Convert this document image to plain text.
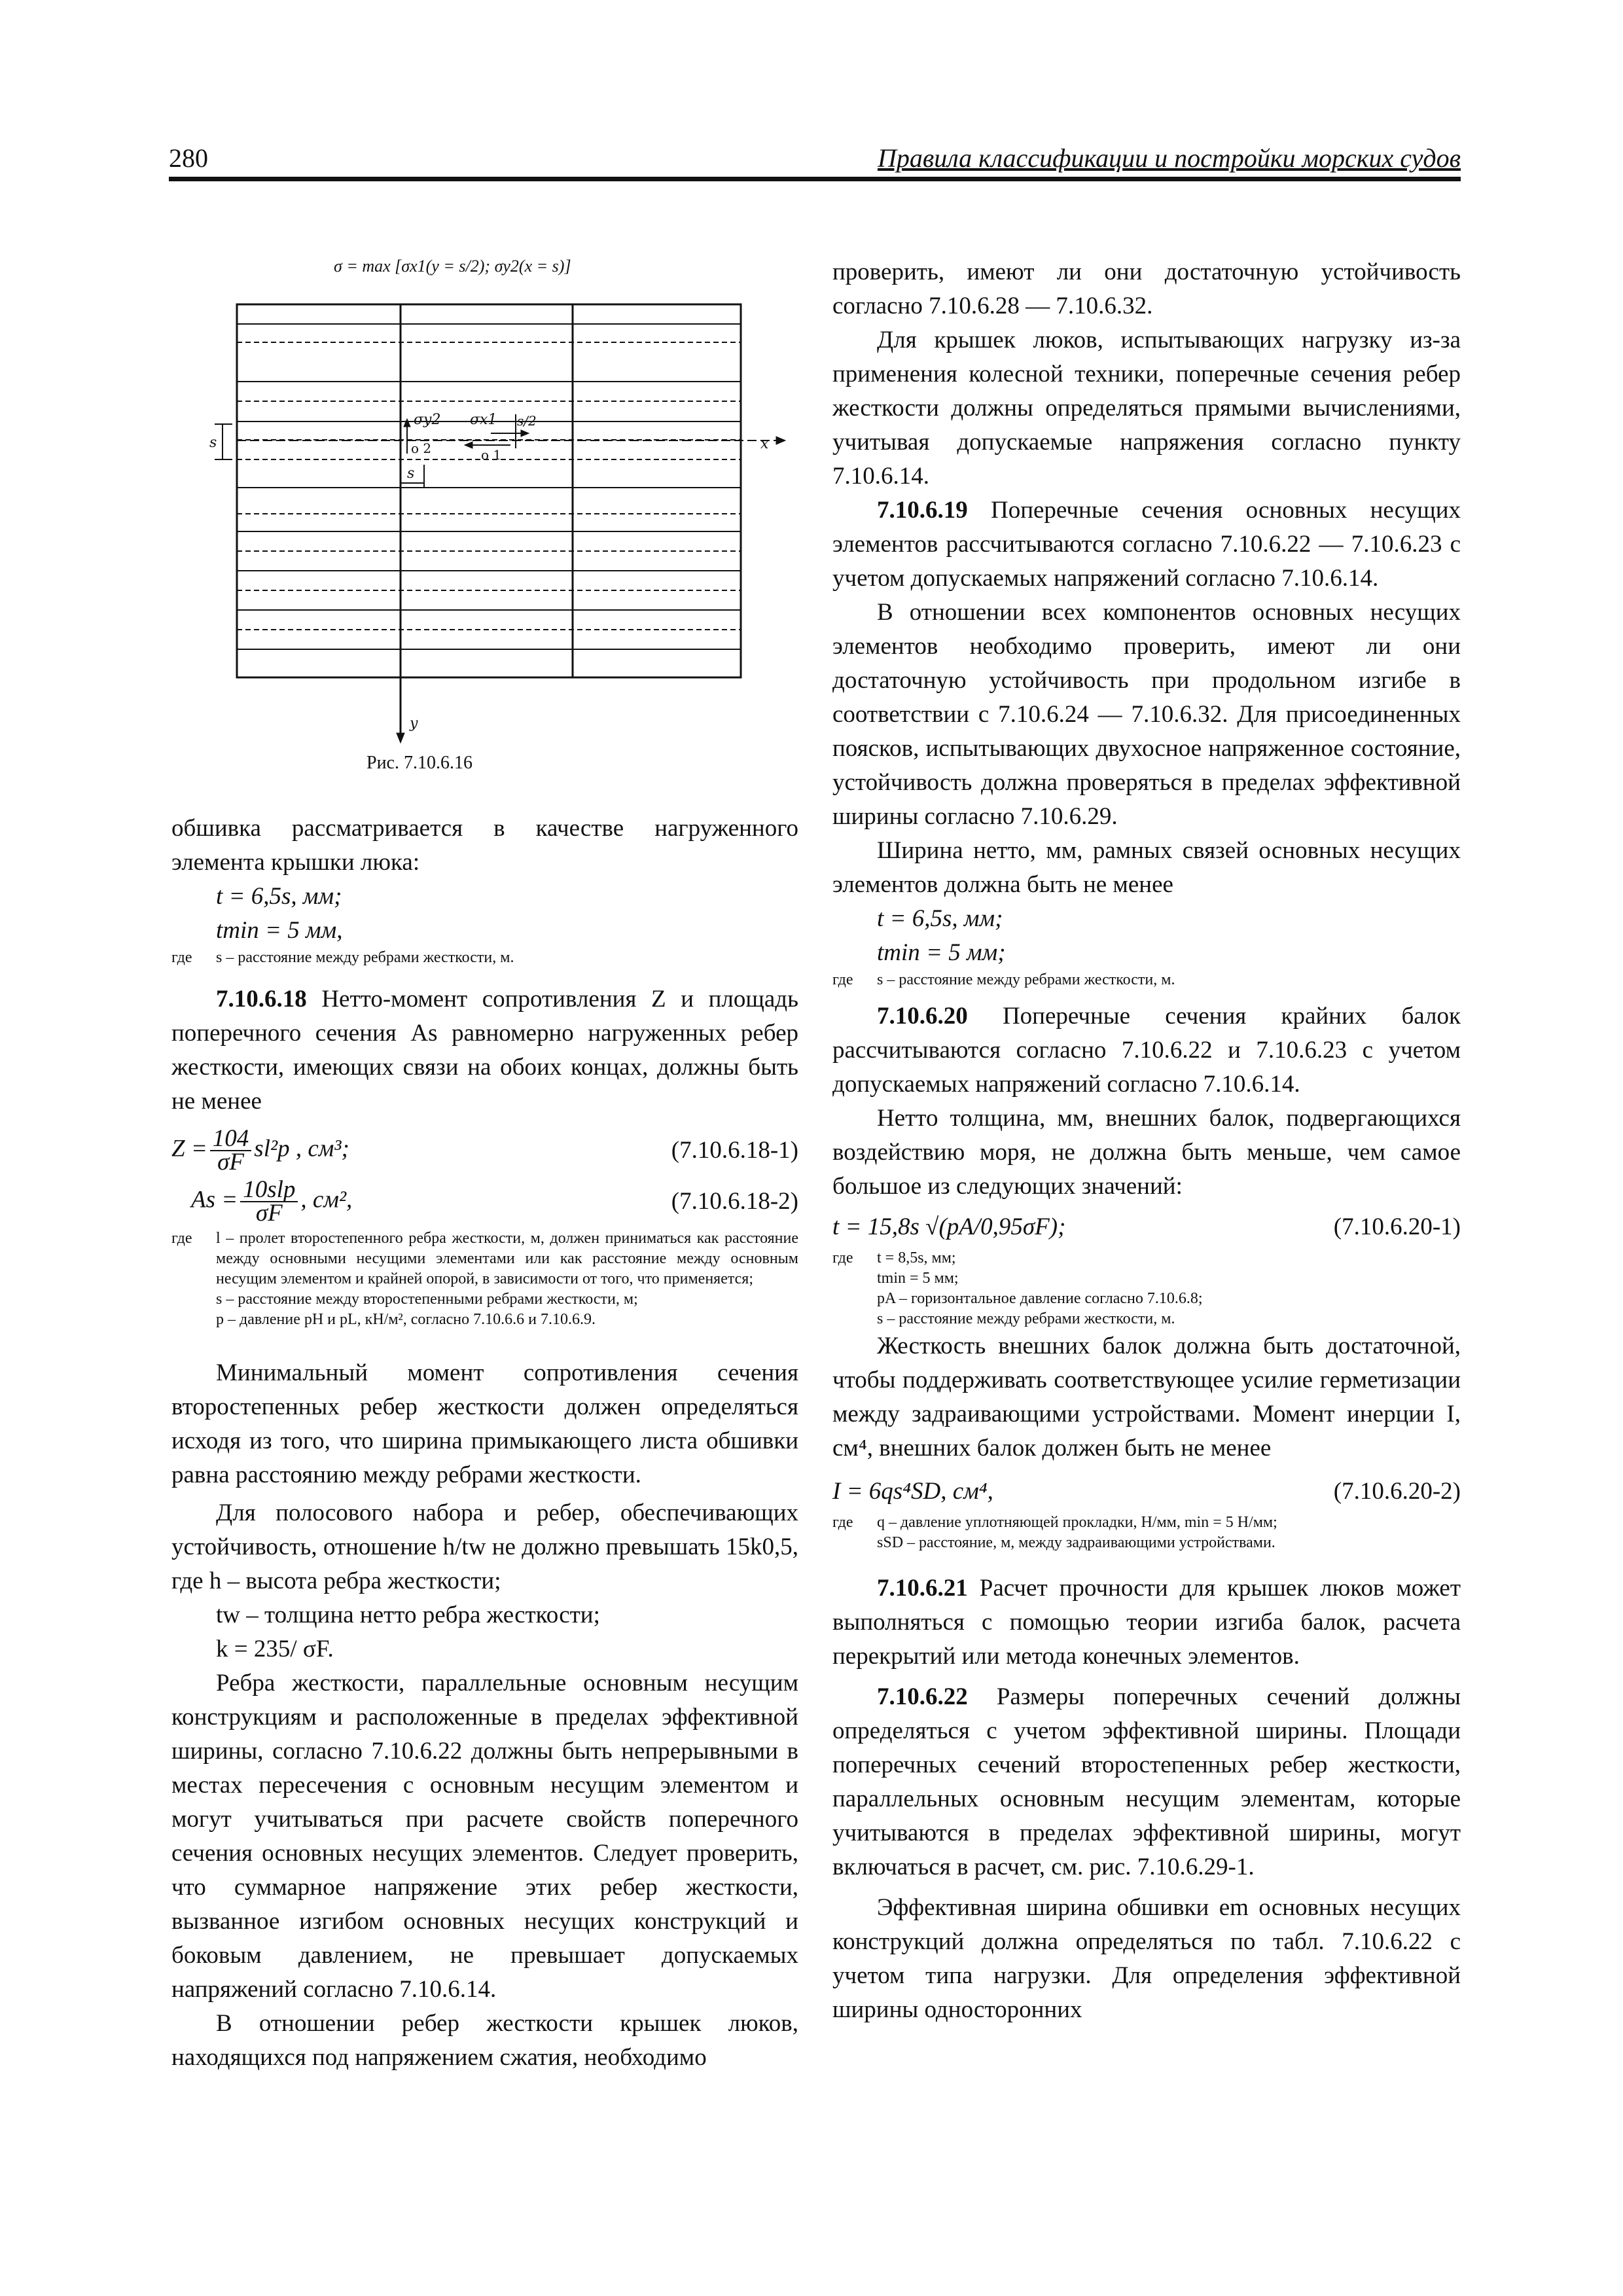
280	Правила классификации и постройки морских судов
σ = max [σx1(y = s/2); σy2(x = s)]
s
s
s/2
x
y
σy2 σx1
o 2	o 1
Рис. 7.10.6.16

обшивка рассматривается в качестве нагруженного элемента крышки люка:

t = 6,5s, мм;
tmin = 5 мм,
где	s – расстояние между ребрами жесткости, м.

7.10.6.18 Нетто-момент сопротивления Z и площадь поперечного сечения As равномерно нагруженных ребер жесткости, имеющих связи на обоих концах, должны быть не менее

$Z = \frac{104}{\sigma F} sl^2p$ , см³;	(7.10.6.18-1)
$As = \frac{\text{10slp}}{\sigma F}$ , см²,	(7.10.6.18-2)
где	l – пролет второстепенного ребра жесткости, м, должен приниматься как расстояние между основными несущими элементами или как расстояние между основным несущим элементом и крайней опорой, в зависимости от того, что применяется;
s – расстояние между второстепенными ребрами жесткости, м;
p – давление pH и pL, кН/м², согласно 7.10.6.6 и 7.10.6.9.

Минимальный момент сопротивления сечения второстепенных ребер жесткости должен определяться исходя из того, что ширина примыкающего листа обшивки равна расстоянию между ребрами жесткости.

Для полосового набора и ребер, обеспечивающих устойчивость, отношение h/tw не должно превышать 15k0,5, где h – высота ребра жесткости;

tw – толщина нетто ребра жесткости;
k = 235/ σF.

Ребра жесткости, параллельные основным несущим конструкциям и расположенные в пределах эффективной ширины, согласно 7.10.6.22 должны быть непрерывными в местах пересечения с основным несущим элементом и могут учитываться при расчете свойств поперечного сечения основных несущих элементов. Следует проверить, что суммарное напряжение этих ребер жесткости, вызванное изгибом основных несущих конструкций и боковым давлением, не превышает допускаемых напряжений согласно 7.10.6.14.

В отношении ребер жесткости крышек люков, находящихся под напряжением сжатия, необходимо

проверить, имеют ли они достаточную устойчивость согласно 7.10.6.28 — 7.10.6.32.

Для крышек люков, испытывающих нагрузку из-за применения колесной техники, поперечные сечения ребер жесткости должны определяться прямыми вычислениями, учитывая допускаемые напряжения согласно пункту 7.10.6.14.

7.10.6.19 Поперечные сечения основных несущих элементов рассчитываются согласно 7.10.6.22 — 7.10.6.23 с учетом допускаемых напряжений согласно 7.10.6.14.

В отношении всех компонентов основных несущих элементов необходимо проверить, имеют ли они достаточную устойчивость при продольном изгибе в соответствии с 7.10.6.24 — 7.10.6.32. Для присоединенных поясков, испытывающих двухосное напряженное состояние, устойчивость должна проверяться в пределах эффективной ширины согласно 7.10.6.29.

Ширина нетто, мм, рамных связей основных несущих элементов должна быть не менее

t = 6,5s, мм;
tmin = 5 мм;
где	s – расстояние между ребрами жесткости, м.

7.10.6.20 Поперечные сечения крайних балок рассчитываются согласно 7.10.6.22 и 7.10.6.23 с учетом допускаемых напряжений согласно 7.10.6.14.

Нетто толщина, мм, внешних балок, подвергающихся воздействию моря, не должна быть меньше, чем самое большое из следующих значений:

t = 15,8s √(pA/0,95σF);	(7.10.6.20-1)
где	t = 8,5s, мм;
tmin = 5 мм;
pA – горизонтальное давление согласно 7.10.6.8;
s – расстояние между ребрами жесткости, м.

Жесткость внешних балок должна быть достаточной, чтобы поддерживать соответствующее усилие герметизации между задраивающими устройствами. Момент инерции I, см⁴, внешних балок должен быть не менее

I = 6qs⁴SD, см⁴,	(7.10.6.20-2)
где	q – давление уплотняющей прокладки, Н/мм, min = 5 Н/мм;
sSD – расстояние, м, между задраивающими устройствами.

7.10.6.21 Расчет прочности для крышек люков может выполняться с помощью теории изгиба балок, расчета перекрытий или метода конечных элементов.

7.10.6.22 Размеры поперечных сечений должны определяться с учетом эффективной ширины. Площади поперечных сечений второстепенных ребер жесткости, параллельных основным несущим элементам, которые учитываются в пределах эффективной ширины, могут включаться в расчет, см. рис. 7.10.6.29-1.

Эффективная ширина обшивки em основных несущих конструкций должна определяться по табл. 7.10.6.22 с учетом типа нагрузки. Для определения эффективной ширины односторонних
